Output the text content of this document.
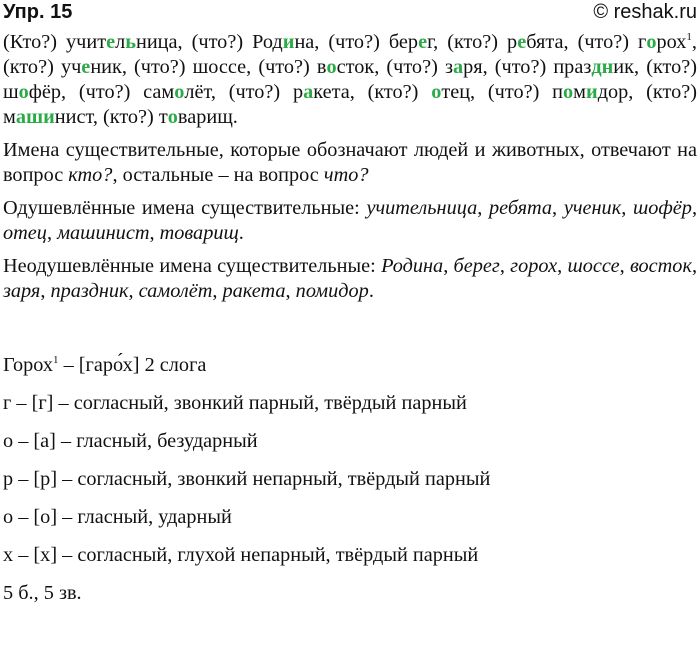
Упр. 15	© reshak.ru

(Кто?) учительница, (что?) Родина, (что?) берег, (кто?) ребята, (что?) горох$^1$, (кто?) ученик, (что?) шоссе, (что?) восток, (что?) заря, (что?) праздник, (кто?) шофёр, (что?) самолёт, (что?) ракета, (кто?) отец, (что?) помидор, (кто?) машинист, (кто?) товарищ.

Имена существительные, которые обозначают людей и животных, отвечают на вопрос кто?, остальные – на вопрос что?

Одушевлённые имена существительные: учительница, ребята, ученик, шофёр, отец, машинист, товарищ.

Неодушевлённые имена существительные: Родина, берег, горох, шоссе, восток, заря, праздник, самолёт, ракета, помидор.

Горох$^1$ – [гаро́х] 2 слога

г – [г] – согласный, звонкий парный, твёрдый парный

о – [а] – гласный, безударный

р – [р] – согласный, звонкий непарный, твёрдый парный

о – [о] – гласный, ударный

х – [х] – согласный, глухой непарный, твёрдый парный

5 б., 5 зв.
